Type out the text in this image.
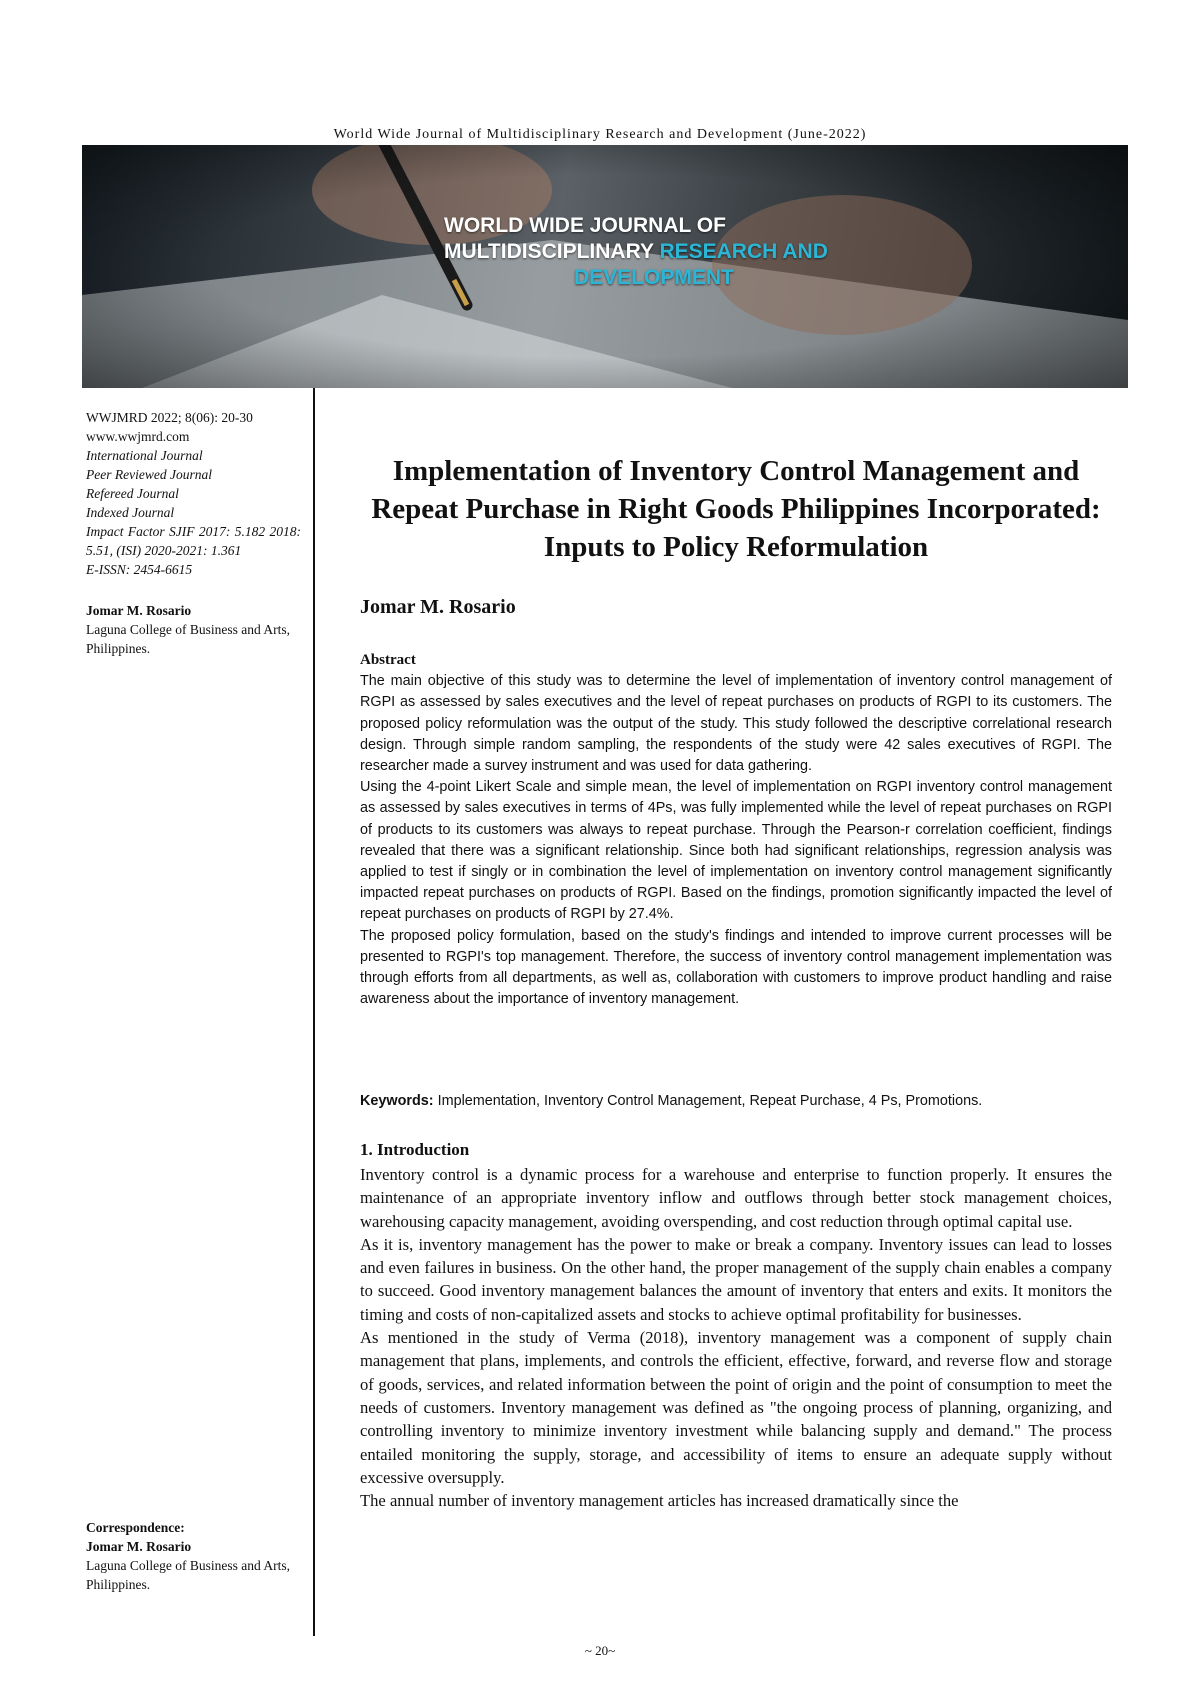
World Wide Journal of Multidisciplinary Research and Development (June-2022)
WORLD WIDE JOURNAL OF
MULTIDISCIPLINARY RESEARCH AND
DEVELOPMENT
WWJMRD 2022; 8(06): 20-30
www.wwjmrd.com
International Journal
Peer Reviewed Journal
Refereed Journal
Indexed Journal
Impact Factor SJIF 2017: 5.182 2018: 5.51, (ISI) 2020-2021: 1.361
E-ISSN: 2454-6615
Jomar M. Rosario
Laguna College of Business and Arts, Philippines.
Correspondence:
Jomar M. Rosario
Laguna College of Business and Arts, Philippines.
Implementation of Inventory Control Management and Repeat Purchase in Right Goods Philippines Incorporated: Inputs to Policy Reformulation
Jomar M. Rosario
Abstract

The main objective of this study was to determine the level of implementation of inventory control management of RGPI as assessed by sales executives and the level of repeat purchases on products of RGPI to its customers. The proposed policy reformulation was the output of the study. This study followed the descriptive correlational research design. Through simple random sampling, the respondents of the study were 42 sales executives of RGPI. The researcher made a survey instrument and was used for data gathering.

Using the 4-point Likert Scale and simple mean, the level of implementation on RGPI inventory control management as assessed by sales executives in terms of 4Ps, was fully implemented while the level of repeat purchases on RGPI of products to its customers was always to repeat purchase. Through the Pearson-r correlation coefficient, findings revealed that there was a significant relationship. Since both had significant relationships, regression analysis was applied to test if singly or in combination the level of implementation on inventory control management significantly impacted repeat purchases on products of RGPI. Based on the findings, promotion significantly impacted the level of repeat purchases on products of RGPI by 27.4%.

The proposed policy formulation, based on the study's findings and intended to improve current processes will be presented to RGPI's top management. Therefore, the success of inventory control management implementation was through efforts from all departments, as well as, collaboration with customers to improve product handling and raise awareness about the importance of inventory management.

Keywords: Implementation, Inventory Control Management, Repeat Purchase, 4 Ps, Promotions.
1. Introduction

Inventory control is a dynamic process for a warehouse and enterprise to function properly. It ensures the maintenance of an appropriate inventory inflow and outflows through better stock management choices, warehousing capacity management, avoiding overspending, and cost reduction through optimal capital use.

As it is, inventory management has the power to make or break a company. Inventory issues can lead to losses and even failures in business. On the other hand, the proper management of the supply chain enables a company to succeed. Good inventory management balances the amount of inventory that enters and exits. It monitors the timing and costs of non-capitalized assets and stocks to achieve optimal profitability for businesses.

As mentioned in the study of Verma (2018), inventory management was a component of supply chain management that plans, implements, and controls the efficient, effective, forward, and reverse flow and storage of goods, services, and related information between the point of origin and the point of consumption to meet the needs of customers. Inventory management was defined as "the ongoing process of planning, organizing, and controlling inventory to minimize inventory investment while balancing supply and demand." The process entailed monitoring the supply, storage, and accessibility of items to ensure an adequate supply without excessive oversupply.

The annual number of inventory management articles has increased dramatically since the

~ 20~
